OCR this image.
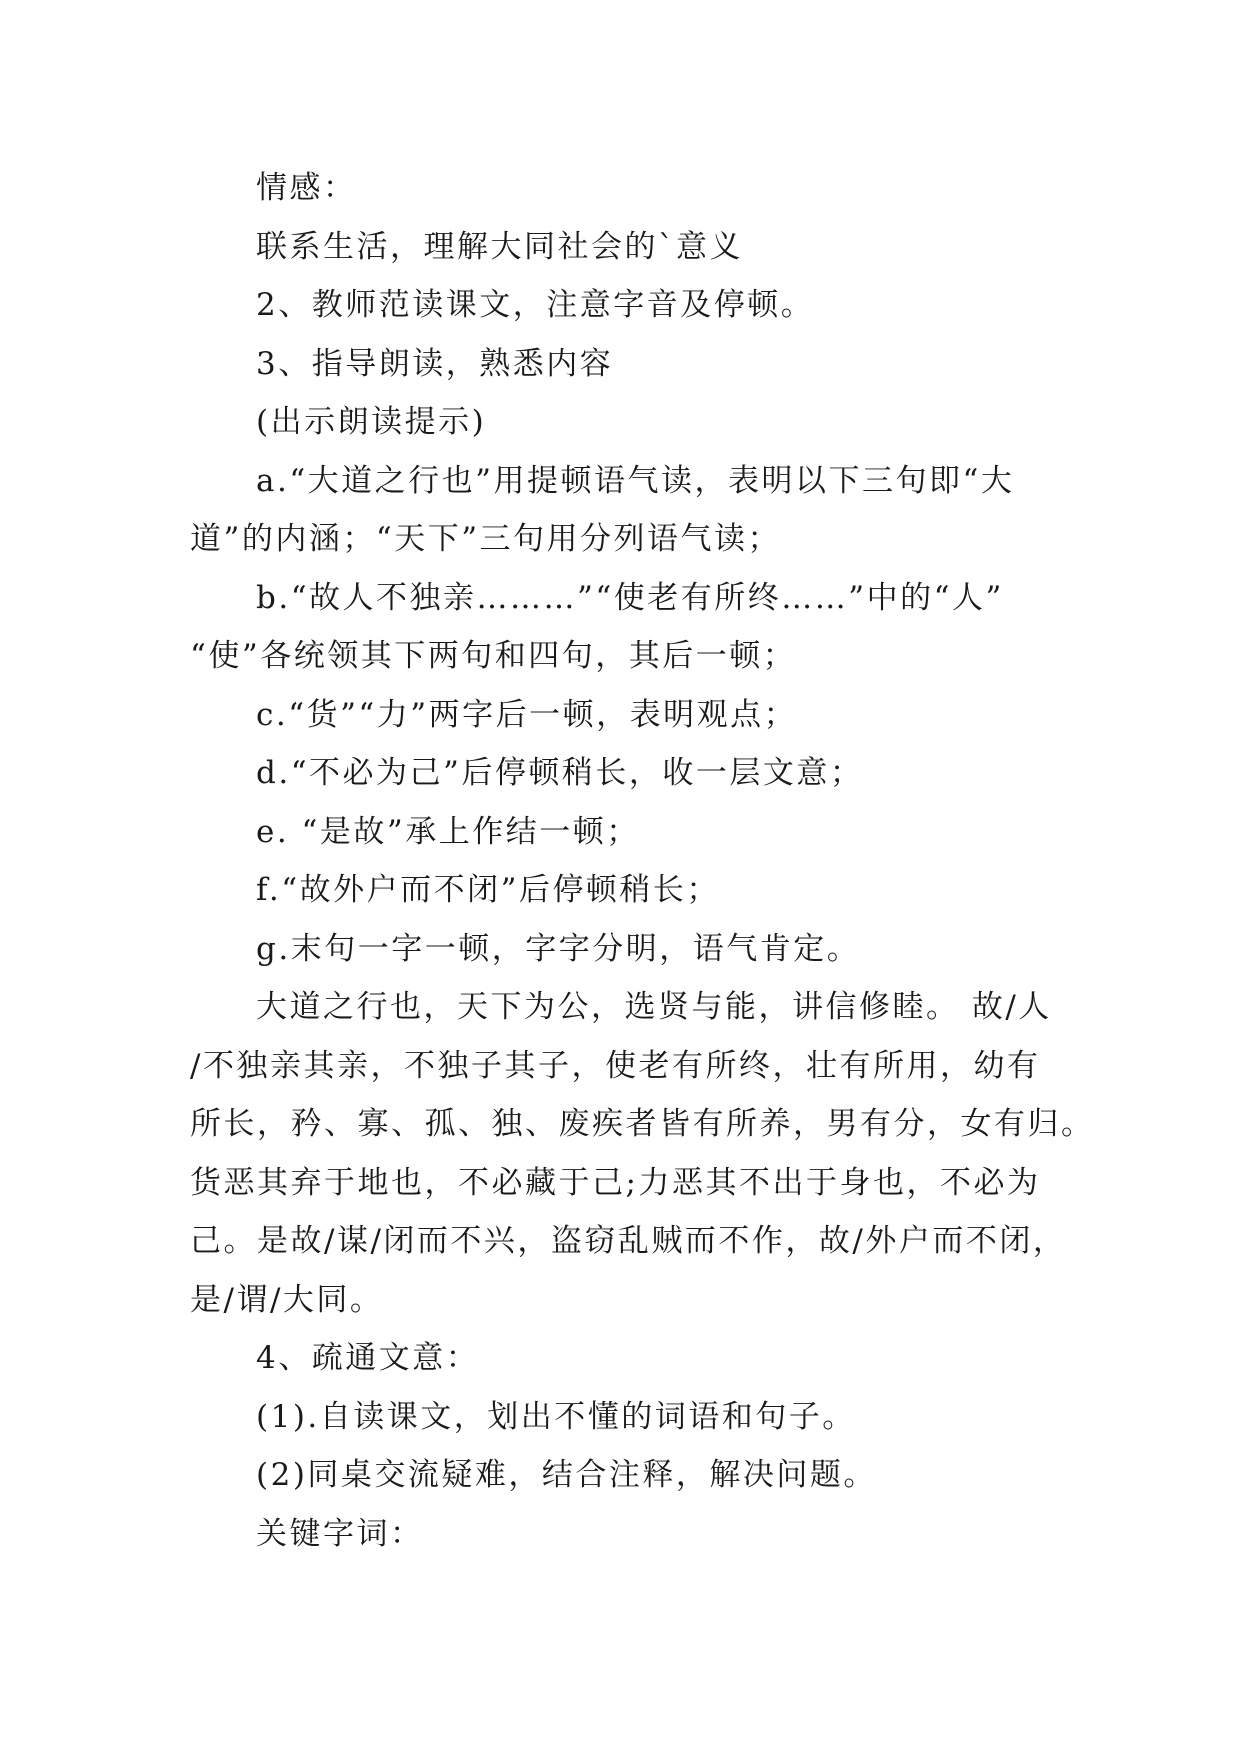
情感：
联系生活，理解大同社会的`意义
2、教师范读课文，注意字音及停顿。
3、指导朗读，熟悉内容
(出示朗读提示)
a.“大道之行也”用提顿语气读，表明以下三句即“大
道”的内涵；“天下”三句用分列语气读；
b.“故人不独亲………”“使老有所终……”中的“人”
“使”各统领其下两句和四句，其后一顿；
c.“货”“力”两字后一顿，表明观点；
d.“不必为己”后停顿稍长，收一层文意；
e. “是故”承上作结一顿；
f.“故外户而不闭”后停顿稍长；
g.末句一字一顿，字字分明，语气肯定。
大道之行也，天下为公，选贤与能，讲信修睦。 故/人
/不独亲其亲，不独子其子，使老有所终，壮有所用，幼有
所长，矜、寡、孤、独、废疾者皆有所养，男有分，女有归。
货恶其弃于地也，不必藏于己;力恶其不出于身也，不必为
己。是故/谋/闭而不兴，盗窃乱贼而不作，故/外户而不闭，
是/谓/大同。
4、疏通文意：
(1).自读课文，划出不懂的词语和句子。
(2)同桌交流疑难，结合注释，解决问题。
关键字词：
